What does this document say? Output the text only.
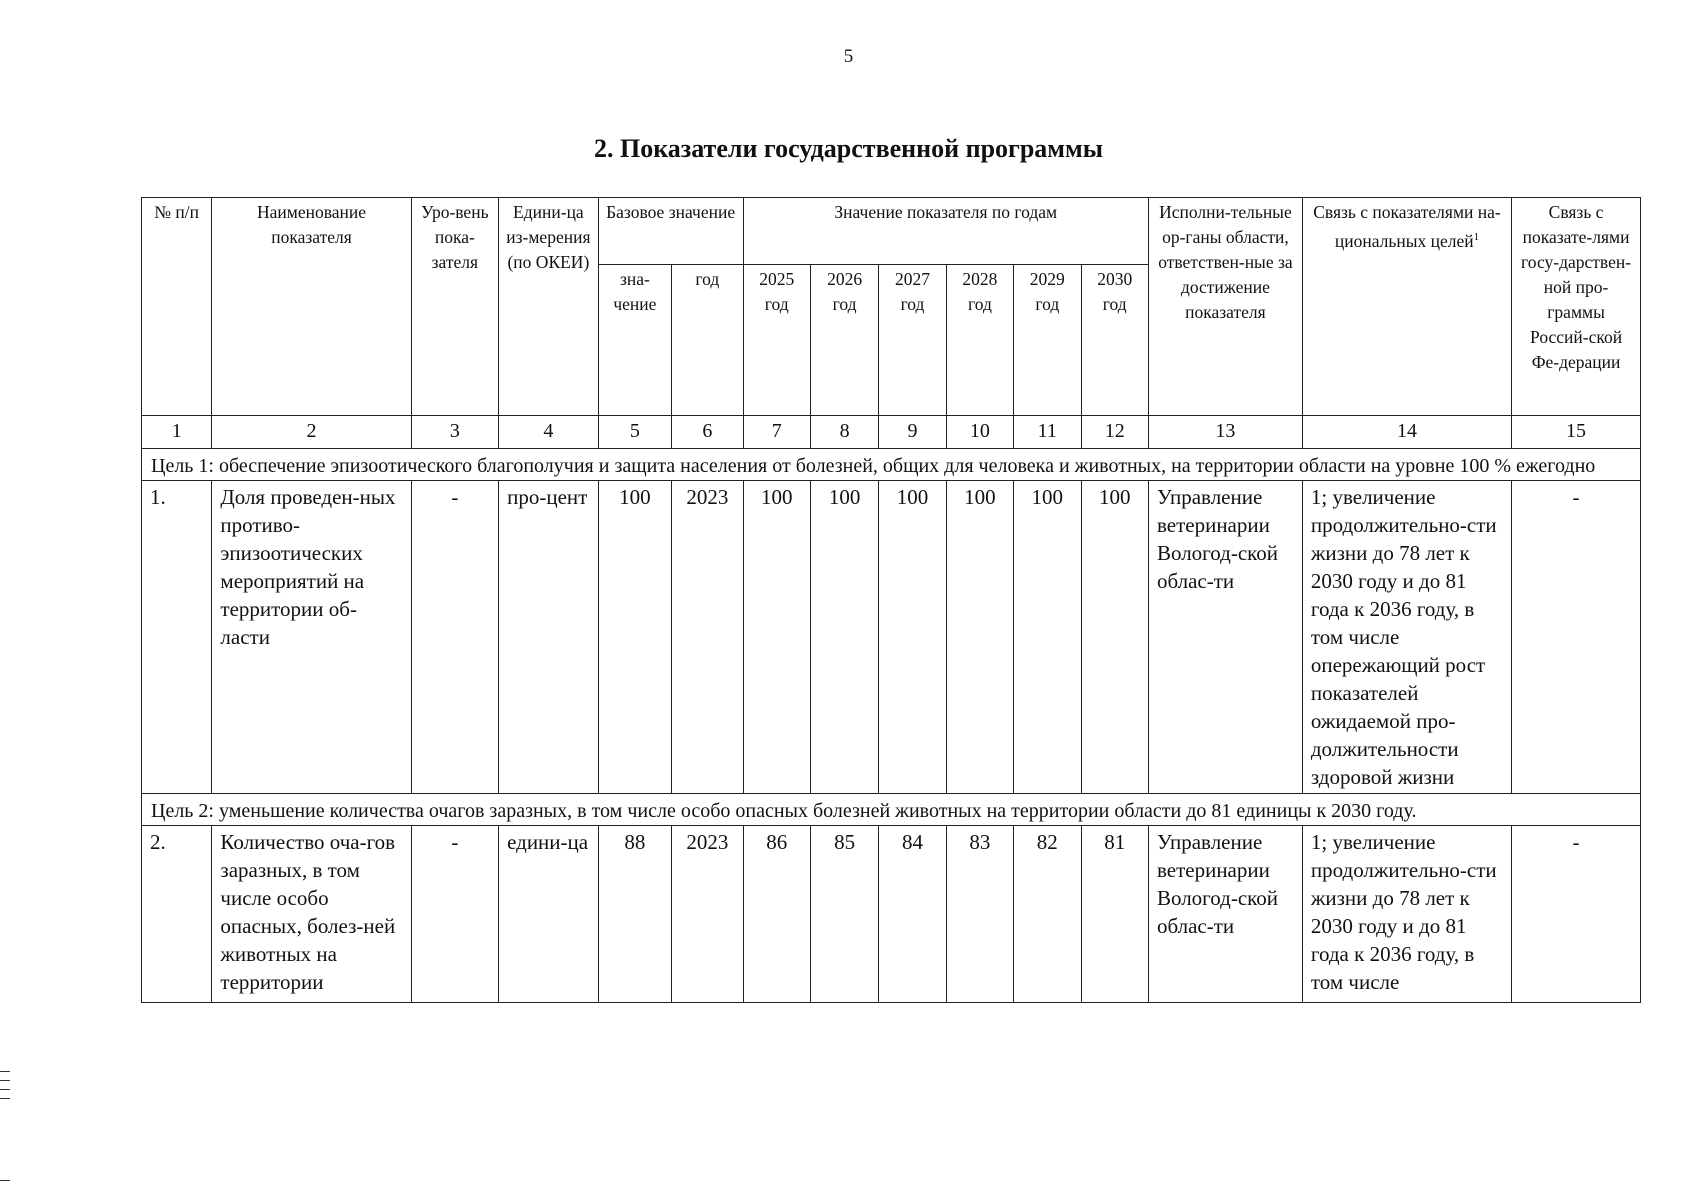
5
2. Показатели государственной программы
№ п/п	Наименование показателя	Уро-вень пока-зателя	Едини-ца из-мерения (по ОКЕИ)	Базовое значение		Значение показателя по годам						Исполни-тельные ор-ганы области, ответствен-ные за достижение показателя	Связь с показателями на-циональных целей$^1$	Связь с показате-лями госу-дарствен-ной про-граммы Россий-ской Фе-дерации
				зна-чение	год	2025 год	2026 год	2027 год	2028 год	2029 год	2030 год			
1	2	3	4	5	6	7	8	9	10	11	12	13	14	15
Цель 1: обеспечение эпизоотического благополучия и защита населения от болезней, общих для человека и животных, на территории области на уровне 100 % ежегодно														
1.	Доля проведен-ных противо-эпизоотических мероприятий на территории об-ласти	-	про-цент	100	2023	100	100	100	100	100	100	Управление ветеринарии Вологод-ской облас-ти	1; увеличение продолжительно-сти жизни до 78 лет к 2030 году и до 81 года к 2036 году, в том числе опережающий рост показателей ожидаемой про-должительности здоровой жизни	-
Цель 2: уменьшение количества очагов заразных, в том числе особо опасных болезней животных на территории области до 81 единицы к 2030 году.														
2.	Количество оча-гов заразных, в том числе особо опасных, болез-ней животных на территории	-	едини-ца	88	2023	86	85	84	83	82	81	Управление ветеринарии Вологод-ской облас-ти	1; увеличение продолжительно-сти жизни до 78 лет к 2030 году и до 81 года к 2036 году, в том числе	-
